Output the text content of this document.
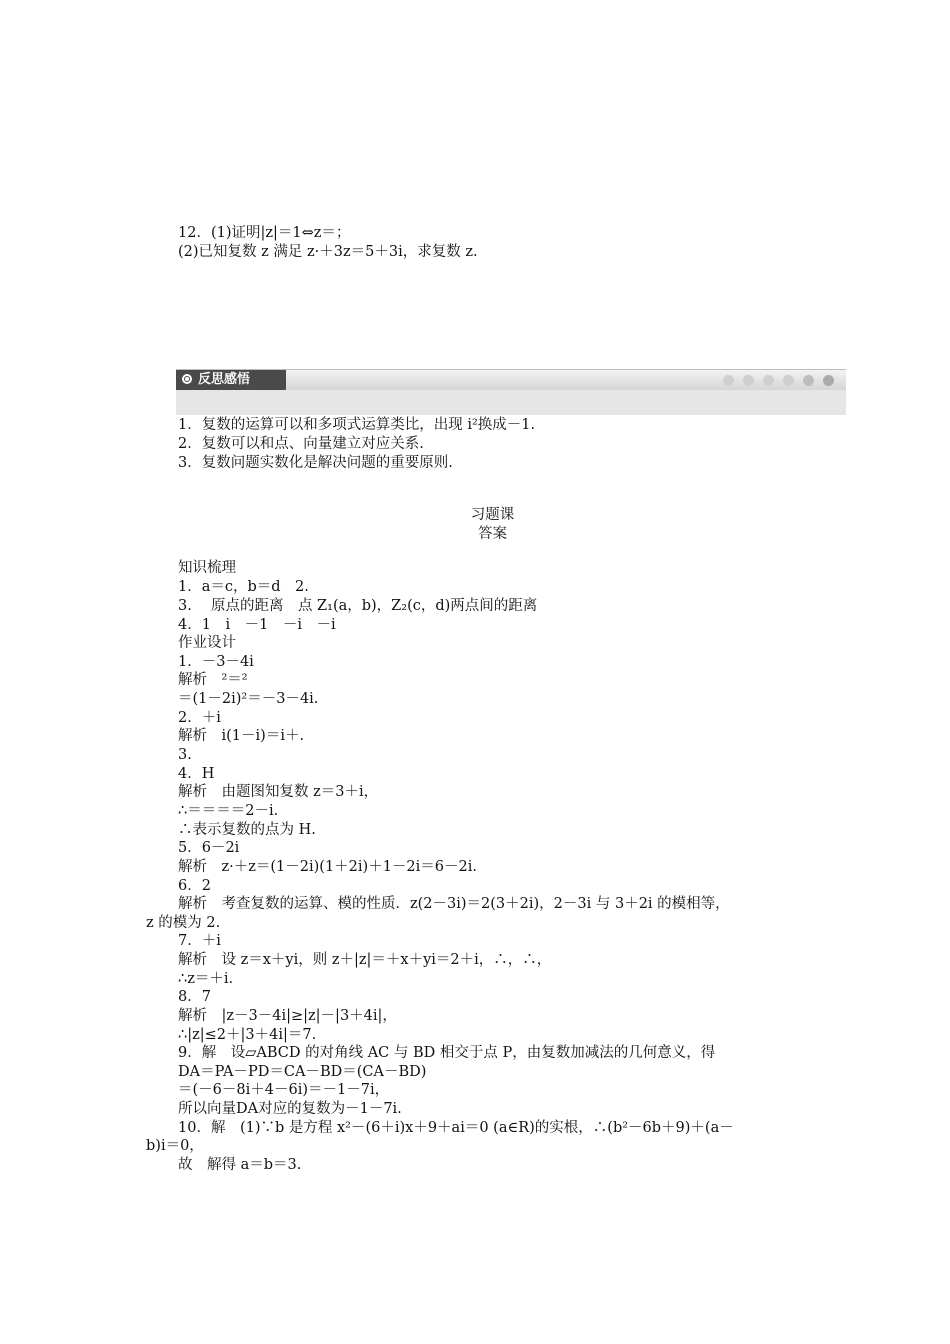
12．(1)证明|z|＝1⇔z＝；
(2)已知复数 z 满足 z·＋3z＝5＋3i，求复数 z.
反思感悟
1．复数的运算可以和多项式运算类比，出现 i²换成－1.
2．复数可以和点、向量建立对应关系.
3．复数问题实数化是解决问题的重要原则.
习题课
答案
知识梳理
1．a＝c，b＝d　2.
3.　 原点的距离　点 Z₁(a，b)，Z₂(c，d)两点间的距离
4．1　i　－1　－i　－i
作业设计
1．－3－4i
解析　²＝²
＝(1－2i)²＝－3－4i.
2．＋i
解析　i(1－i)＝i＋.
3.
4．H
解析　由题图知复数 z＝3＋i，
∴＝＝＝＝2－i.
∴表示复数的点为 H.
5．6－2i
解析　z·＋z＝(1－2i)(1＋2i)＋1－2i＝6－2i.
6．2
解析　考查复数的运算、模的性质．z(2－3i)＝2(3＋2i)，2－3i 与 3＋2i 的模相等，
z 的模为 2.
7．＋i
解析　设 z＝x＋yi，则 z＋|z|＝＋x＋yi＝2＋i，∴，∴，
∴z＝＋i.
8．7
解析　|z－3－4i|≥|z|－|3＋4i|，
∴|z|≤2＋|3＋4i|＝7.
9．解　设▱ABCD 的对角线 AC 与 BD 相交于点 P，由复数加减法的几何意义，得
DA＝PA－PD＝CA－BD＝(CA－BD)
＝(－6－8i＋4－6i)＝－1－7i，
所以向量DA对应的复数为－1－7i.
10．解　(1)∵b 是方程 x²－(6＋i)x＋9＋ai＝0 (a∈R)的实根，∴(b²－6b＋9)＋(a－
b)i＝0，
故　解得 a＝b＝3.
